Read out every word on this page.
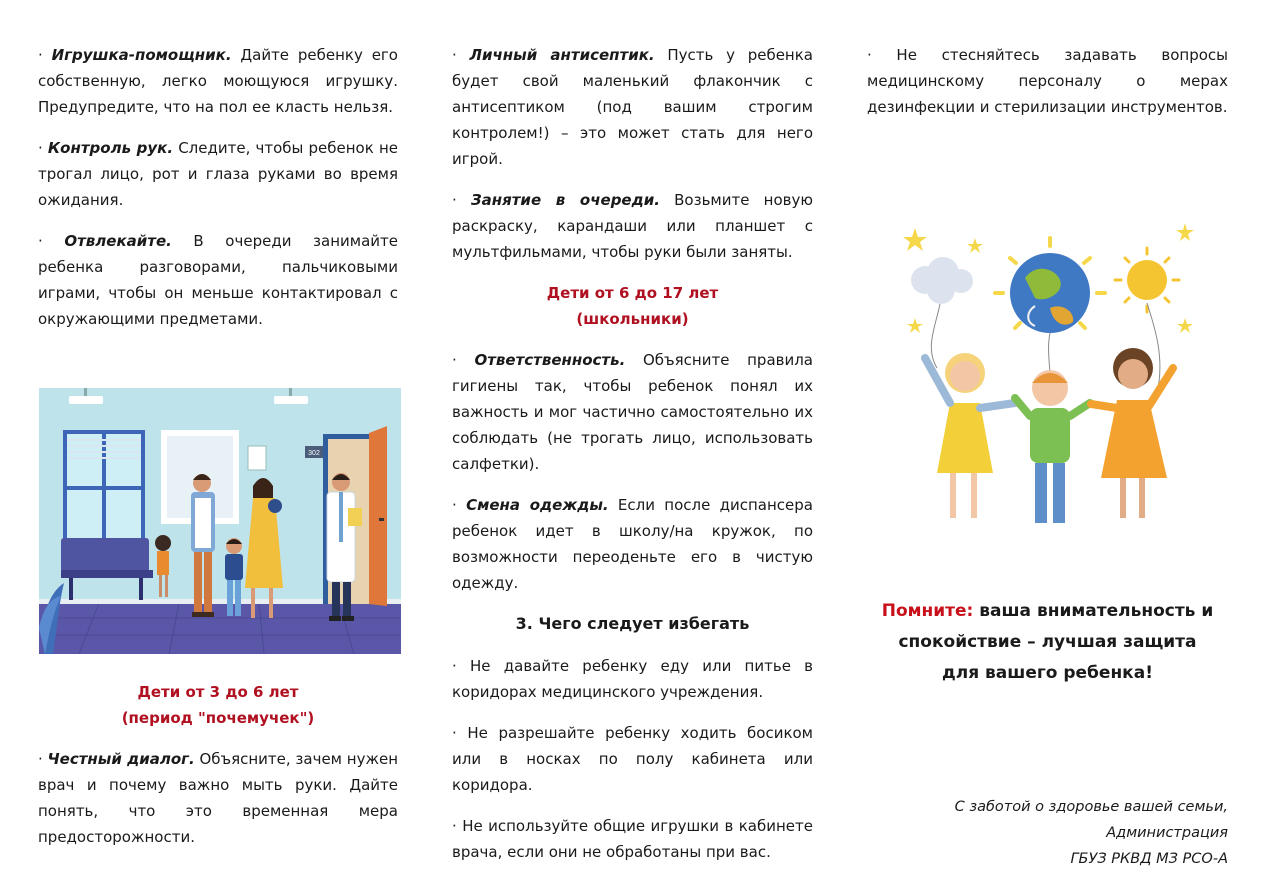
· Игрушка-помощник. Дайте ребенку его собственную, легко моющуюся игрушку. Предупредите, что на пол ее класть нельзя.

· Контроль рук. Следите, чтобы ребенок не трогал лицо, рот и глаза руками во время ожидания.

· Отвлекайте. В очереди занимайте ребенка разговорами, пальчиковыми играми, чтобы он меньше контактировал с окружающими предметами.

302
Дети от 3 до 6 лет
(период "почемучек")
· Честный диалог. Объясните, зачем нужен врач и почему важно мыть руки. Дайте понять, что это временная мера предосторожности.

· Личный антисептик. Пусть у ребенка будет свой маленький флакончик с антисептиком (под вашим строгим контролем!) – это может стать для него игрой.

· Занятие в очереди. Возьмите новую раскраску, карандаши или планшет с мультфильмами, чтобы руки были заняты.

Дети от 6 до 17 лет
(школьники)

· Ответственность. Объясните правила гигиены так, чтобы ребенок понял их важность и мог частично самостоятельно их соблюдать (не трогать лицо, использовать салфетки).

· Смена одежды. Если после диспансера ребенок идет в школу/на кружок, по возможности переоденьте его в чистую одежду.

3. Чего следует избегать

· Не давайте ребенку еду или питье в коридорах медицинского учреждения.

· Не разрешайте ребенку ходить босиком или в носках по полу кабинета или коридора.

· Не используйте общие игрушки в кабинете врача, если они не обработаны при вас.

· Не стесняйтесь задавать вопросы медицинскому персоналу о мерах дезинфекции и стерилизации инструментов.

Помните: ваша внимательность и
спокойствие – лучшая защита
для вашего ребенка!
С заботой о здоровье вашей семьи,
Администрация
ГБУЗ РКВД МЗ РСО-А
